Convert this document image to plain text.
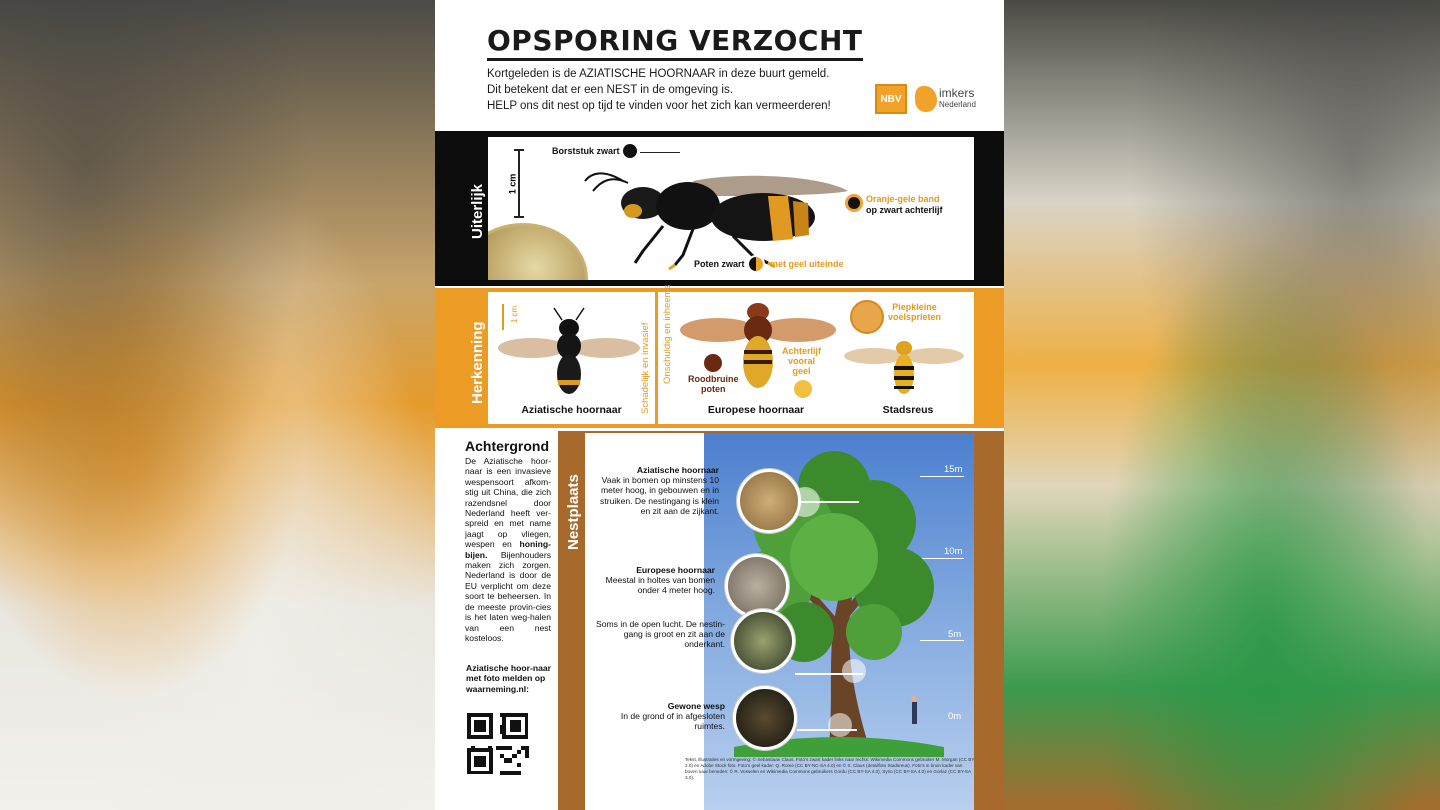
OPSPORING VERZOCHT
Kortgeleden is de AZIATISCHE HOORNAAR in deze buurt gemeld.
Dit betekent dat er een NEST in de omgeving is.
HELP ons dit nest op tijd te vinden voor het zich kan vermeerderen!
NBV	imkers
Nederland
Uiterlijk 1 cm
Borststuk zwart
Oranje-gele band
op zwart achterlijf
Poten zwart	met geel uiteinde
Herkenning
1 cm
Aziatische hoornaar	Schadelijk en invasief Onschuldig en inheems Roodbruine
poten
Achterlijf
vooral
geel
Europese hoornaar
Piepkleine
voelsprieten
Stadsreus
Achtergrond
De Aziatische hoor-naar is een invasieve wespensoort afkom-stig uit China, die zich razendsnel door Nederland heeft ver-spreid en met name jaagt op vliegen, wespen en honing-bijen. Bijenhouders maken zich zorgen. Nederland is door de EU verplicht om deze soort te beheersen. In de meeste provin-cies is het laten weg-halen van een nest kosteloos.
Aziatische hoor-naar met foto melden op waarneming.nl:
Nestplaats
15m
10m
5m
0m
Aziatische hoornaar
Vaak in bomen op minstens 10 meter hoog, in gebouwen en in struiken. De nestingang is klein en zit aan de zijkant.
Europese hoornaar
Meestal in holtes van bomen onder 4 meter hoog.
Soms in de open lucht. De nestin-gang is groot en zit aan de onderkant.
Gewone wesp
In de grond of in afgesloten ruimtes.
Tekst, illustraties en vormgeving: © Sebastiaan Claus. Foto's zwart kader links naar rechts: Wikimedia Commons gebruiker M. Morgan (CC BY 2.0) en Adobe Stock foto. Foto's geel kader: Q. Rome (CC BY-NC-SA 4.0) en © S. Claus (detailfoto Stadsreus). Foto's in bruin kader van boven naar beneden: © R. Vosselen en Wikimedia Commons gebruikers Gordu (CC BY-SA 4.0), Syrio (CC BY-SA 4.0) en Gorlaz (CC BY-SA 3.0).
